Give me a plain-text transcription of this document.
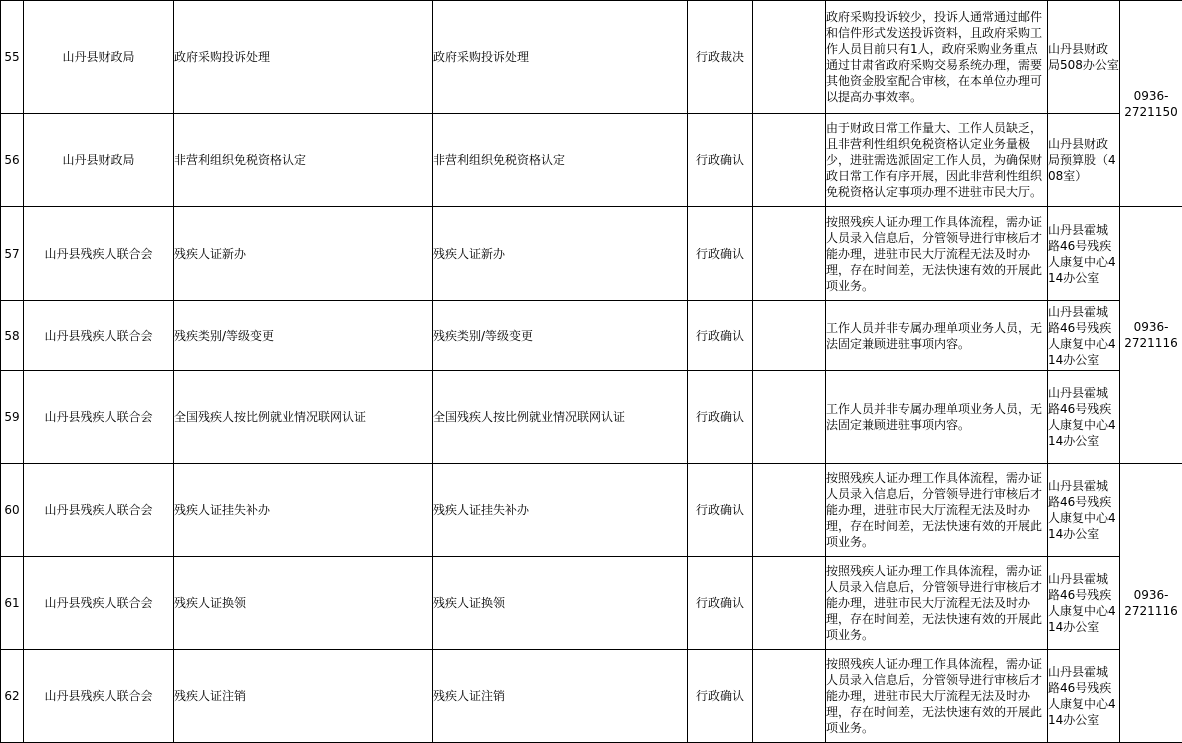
55	山丹县财政局	政府采购投诉处理	政府采购投诉处理	行政裁决		政府采购投诉较少，投诉人通常通过邮件和信件形式发送投诉资料，且政府采购工作人员目前只有1人，政府采购业务重点通过甘肃省政府采购交易系统办理，需要其他资金股室配合审核，在本单位办理可以提高办事效率。	山丹县财政局508办公室	0936-2721150

56	山丹县财政局	非营利组织免税资格认定	非营利组织免税资格认定	行政确认		由于财政日常工作量大、工作人员缺乏，且非营利性组织免税资格认定业务量极少，进驻需选派固定工作人员，为确保财政日常工作有序开展，因此非营利性组织免税资格认定事项办理不进驻市民大厅。	山丹县财政局预算股（408室）	
57	山丹县残疾人联合会	残疾人证新办	残疾人证新办	行政确认		按照残疾人证办理工作具体流程，需办证人员录入信息后，分管领导进行审核后才能办理，进驻市民大厅流程无法及时办理，存在时间差，无法快速有效的开展此项业务。	山丹县霍城路46号残疾人康复中心414办公室	0936-2721116

58	山丹县残疾人联合会	残疾类别/等级变更	残疾类别/等级变更	行政确认		工作人员并非专属办理单项业务人员，无法固定兼顾进驻事项内容。	山丹县霍城路46号残疾人康复中心414办公室	
59	山丹县残疾人联合会	全国残疾人按比例就业情况联网认证	全国残疾人按比例就业情况联网认证	行政确认		工作人员并非专属办理单项业务人员，无法固定兼顾进驻事项内容。	山丹县霍城路46号残疾人康复中心414办公室	
60	山丹县残疾人联合会	残疾人证挂失补办	残疾人证挂失补办	行政确认		按照残疾人证办理工作具体流程，需办证人员录入信息后，分管领导进行审核后才能办理，进驻市民大厅流程无法及时办理，存在时间差，无法快速有效的开展此项业务。	山丹县霍城路46号残疾人康复中心414办公室	0936-2721116

61	山丹县残疾人联合会	残疾人证换领	残疾人证换领	行政确认		按照残疾人证办理工作具体流程，需办证人员录入信息后，分管领导进行审核后才能办理，进驻市民大厅流程无法及时办理，存在时间差，无法快速有效的开展此项业务。	山丹县霍城路46号残疾人康复中心414办公室	
62	山丹县残疾人联合会	残疾人证注销	残疾人证注销	行政确认		按照残疾人证办理工作具体流程，需办证人员录入信息后，分管领导进行审核后才能办理，进驻市民大厅流程无法及时办理，存在时间差，无法快速有效的开展此项业务。	山丹县霍城路46号残疾人康复中心414办公室	
